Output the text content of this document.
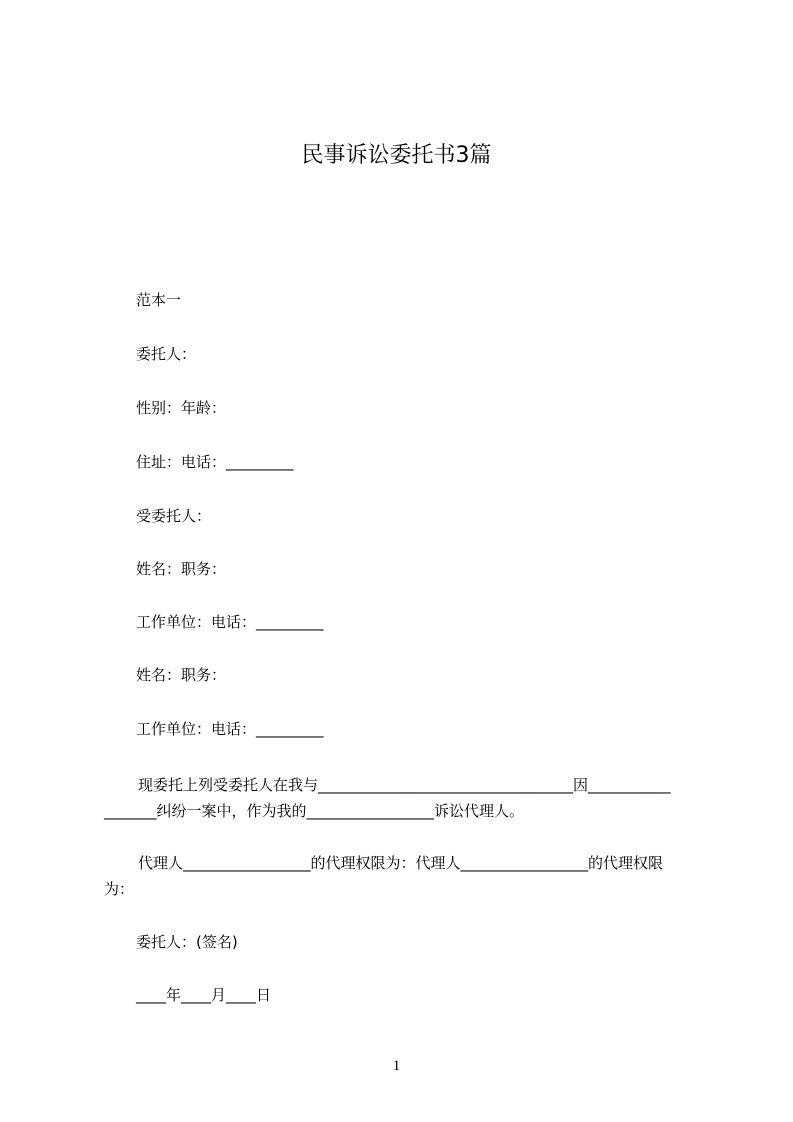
民事诉讼委托书3篇

范本一

委托人：

性别：年龄：

住址：电话：_________

受委托人：

姓名：职务：

工作单位：电话：_________

姓名：职务：

工作单位：电话：_________

现委托上列受委托人在我与__________________________________因___________
_______纠纷一案中，作为我的_________________诉讼代理人。
代理人_________________的代理权限为：代理人_________________的代理权限
为：

委托人：(签名)

____年____月____日

1
